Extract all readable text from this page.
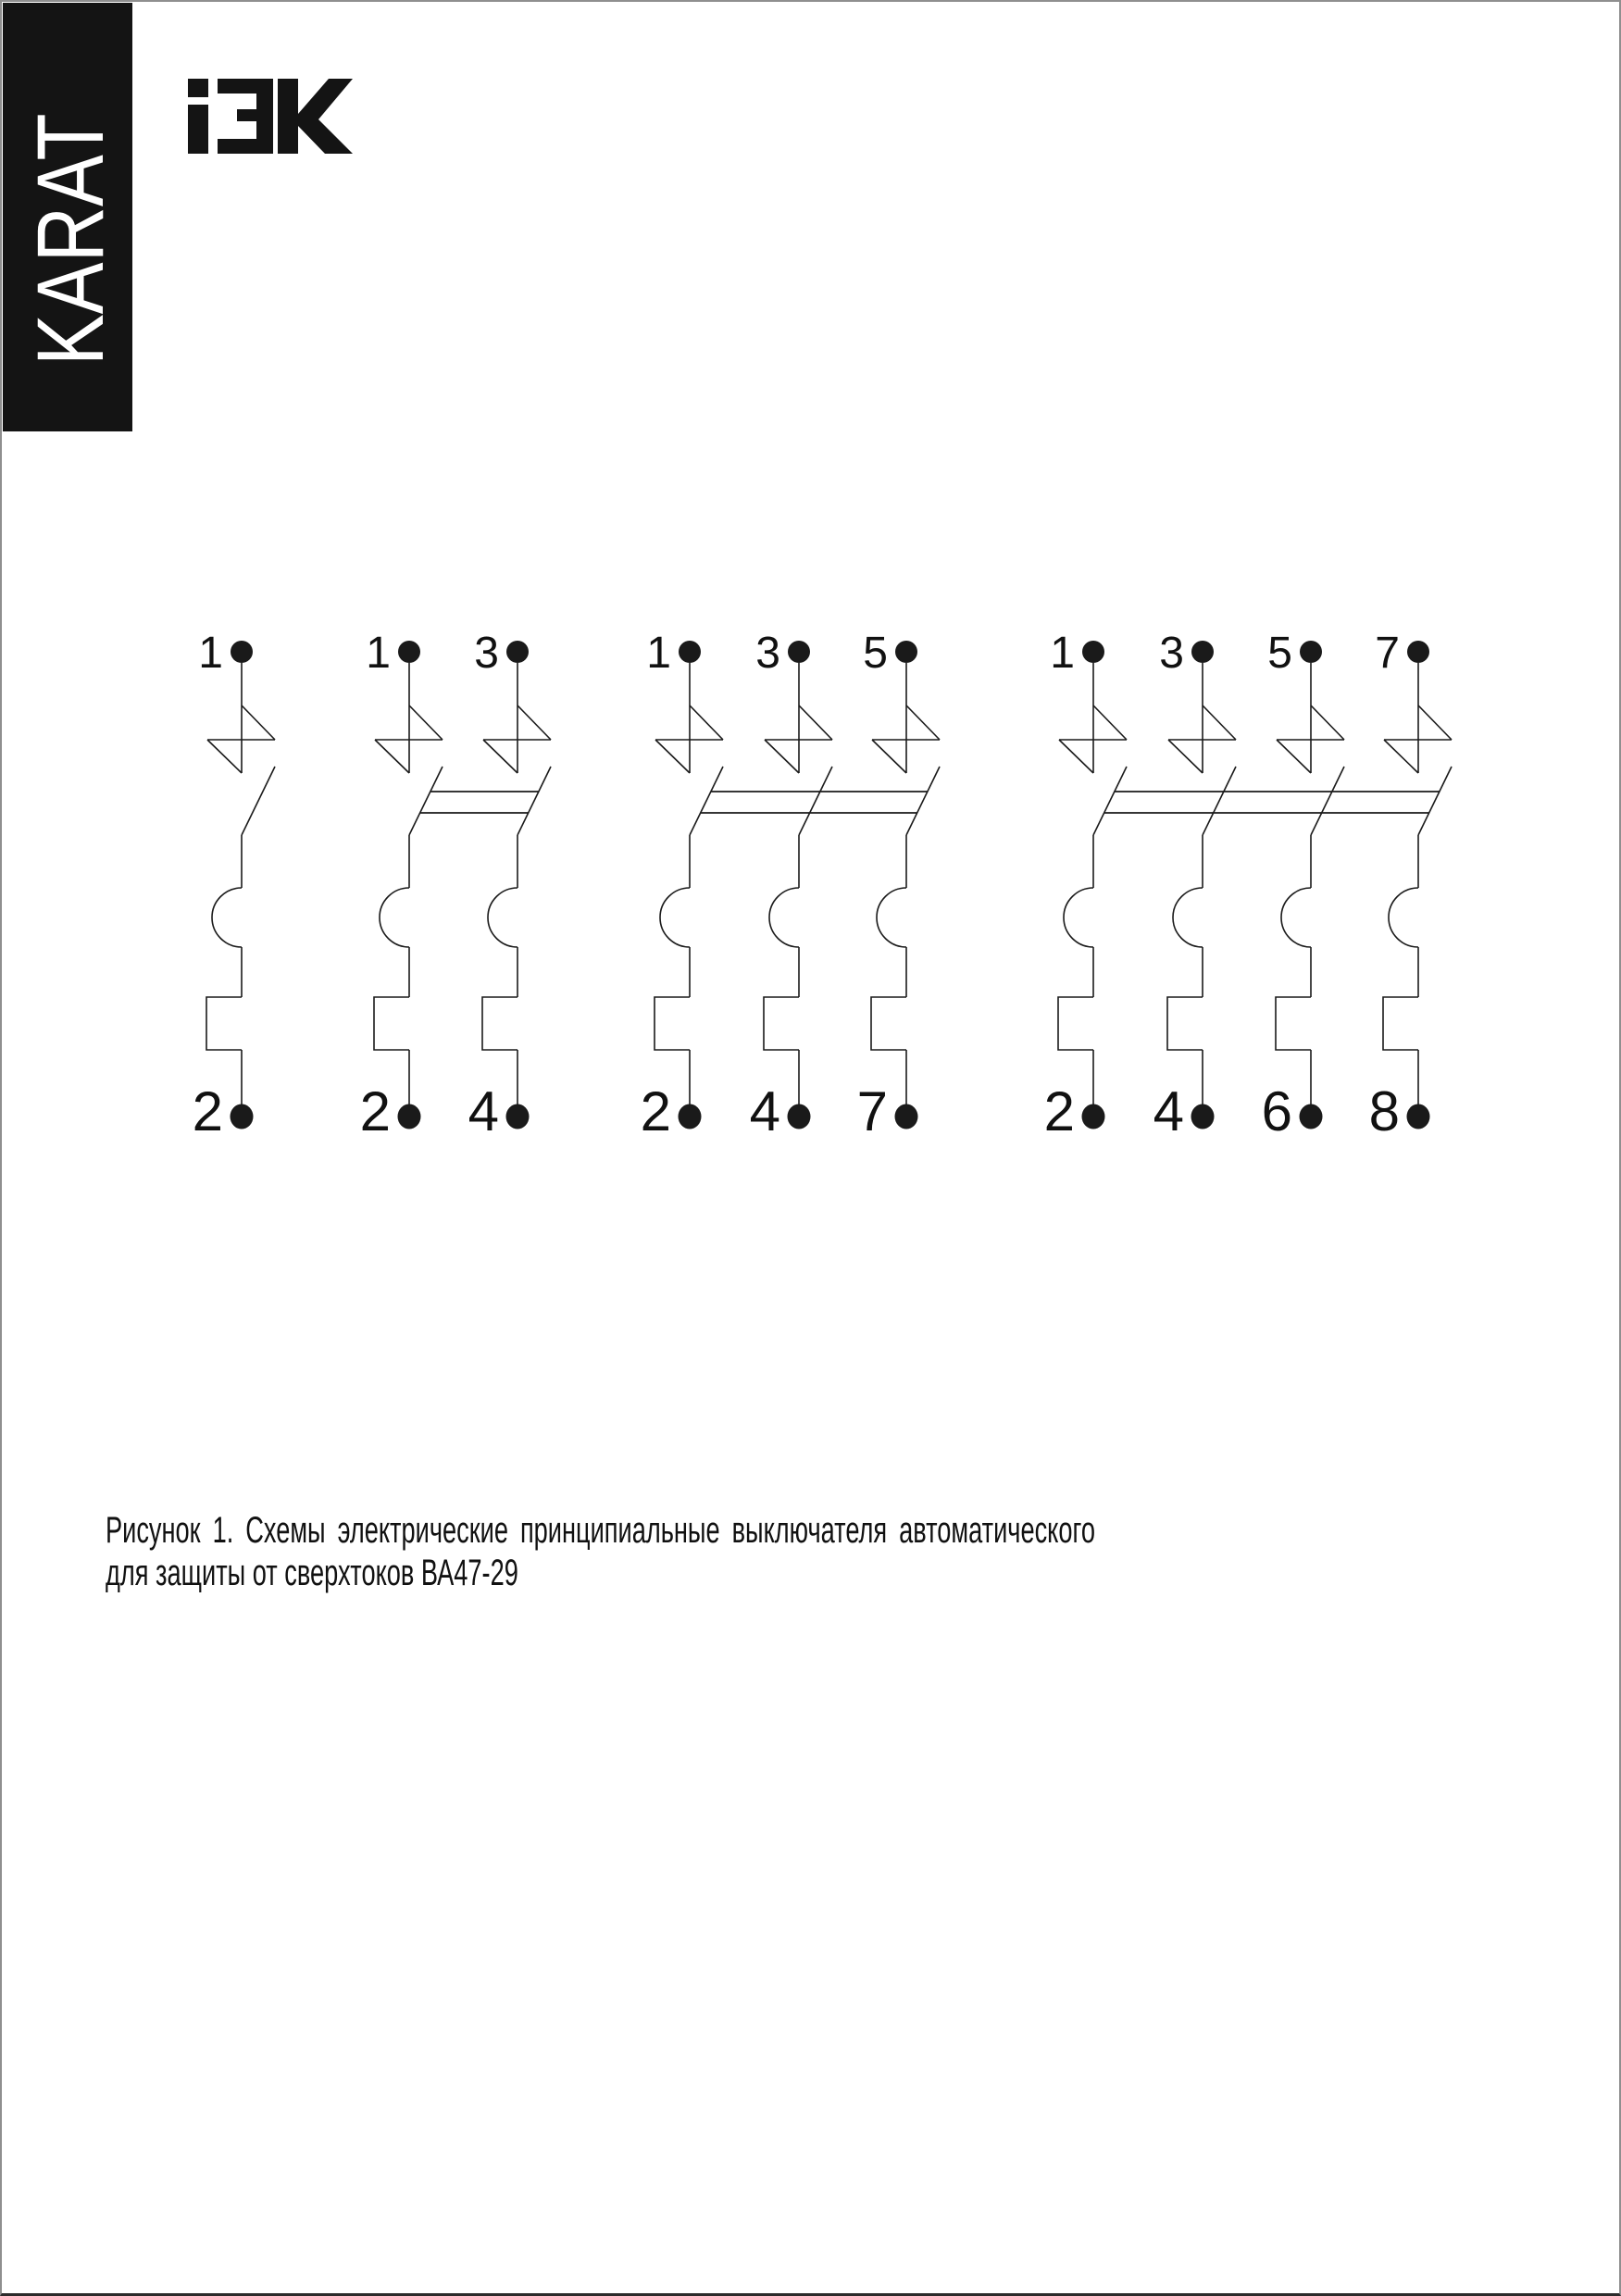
KARAT
1
2
1 3
2 4
1 3 5
2 4 7
1 3 5 7
2 4 6 8
Рисунок 1. Схемы электрические принципиальные выключателя автоматического
для защиты от сверхтоков ВА47-29
